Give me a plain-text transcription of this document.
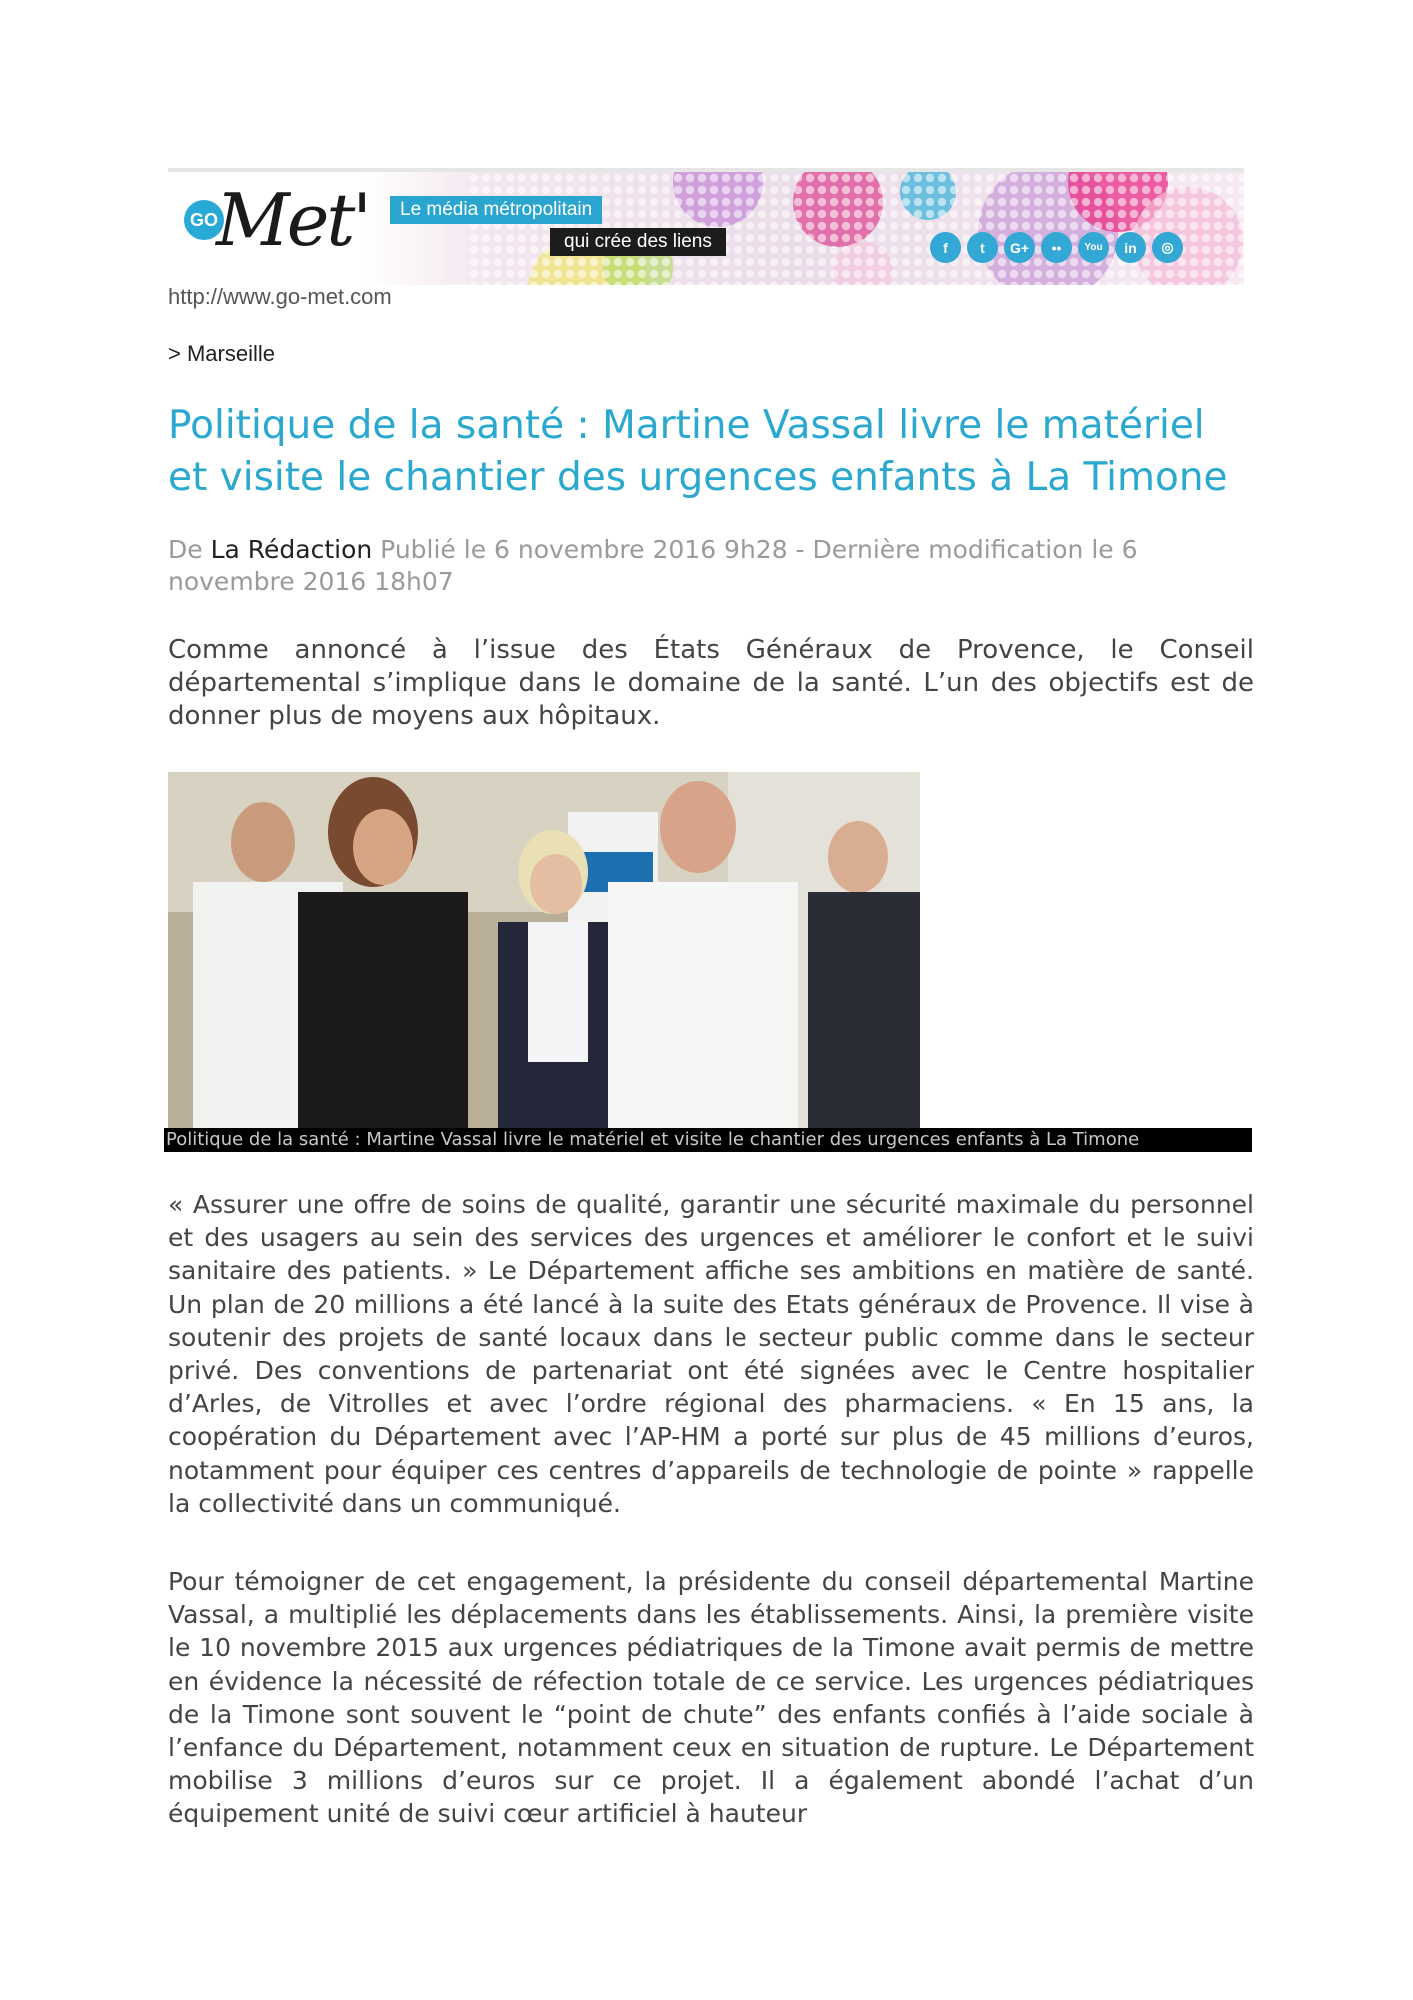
GO
Met'	Le média métropolitain
qui crée des liens	f	t	G+	••	You	in	◎
http://www.go-met.com
> Marseille
Politique de la santé : Martine Vassal livre le matériel et visite le chantier des urgences enfants à La Timone
De La Rédaction Publié le 6 novembre 2016 9h28 - Dernière modification le 6 novembre 2016 18h07

Comme annoncé à l’issue des États Généraux de Provence, le Conseil départemental s’implique dans le domaine de la santé. L’un des objectifs est de donner plus de moyens aux hôpitaux.

Politique de la santé : Martine Vassal livre le matériel et visite le chantier des urgences enfants à La Timone

« Assurer une offre de soins de qualité, garantir une sécurité maximale du personnel et des usagers au sein des services des urgences et améliorer le confort et le suivi sanitaire des patients. » Le Département affiche ses ambitions en matière de santé. Un plan de 20 millions a été lancé à la suite des Etats généraux de Provence. Il vise à soutenir des projets de santé locaux dans le secteur public comme dans le secteur privé. Des conventions de partenariat ont été signées avec le Centre hospitalier d’Arles, de Vitrolles et avec l’ordre régional des pharmaciens. « En 15 ans, la coopération du Département avec l’AP-HM a porté sur plus de 45 millions d’euros, notamment pour équiper ces centres d’appareils de technologie de pointe » rappelle la collectivité dans un communiqué.

Pour témoigner de cet engagement, la présidente du conseil départemental Martine Vassal, a multiplié les déplacements dans les établissements. Ainsi, la première visite le 10 novembre 2015 aux urgences pédiatriques de la Timone avait permis de mettre en évidence la nécessité de réfection totale de ce service. Les urgences pédiatriques de la Timone sont souvent le “point de chute” des enfants confiés à l’aide sociale à l’enfance du Département, notamment ceux en situation de rupture. Le Département mobilise 3 millions d’euros sur ce projet. Il a également abondé l’achat d’un équipement unité de suivi cœur artificiel à hauteur
